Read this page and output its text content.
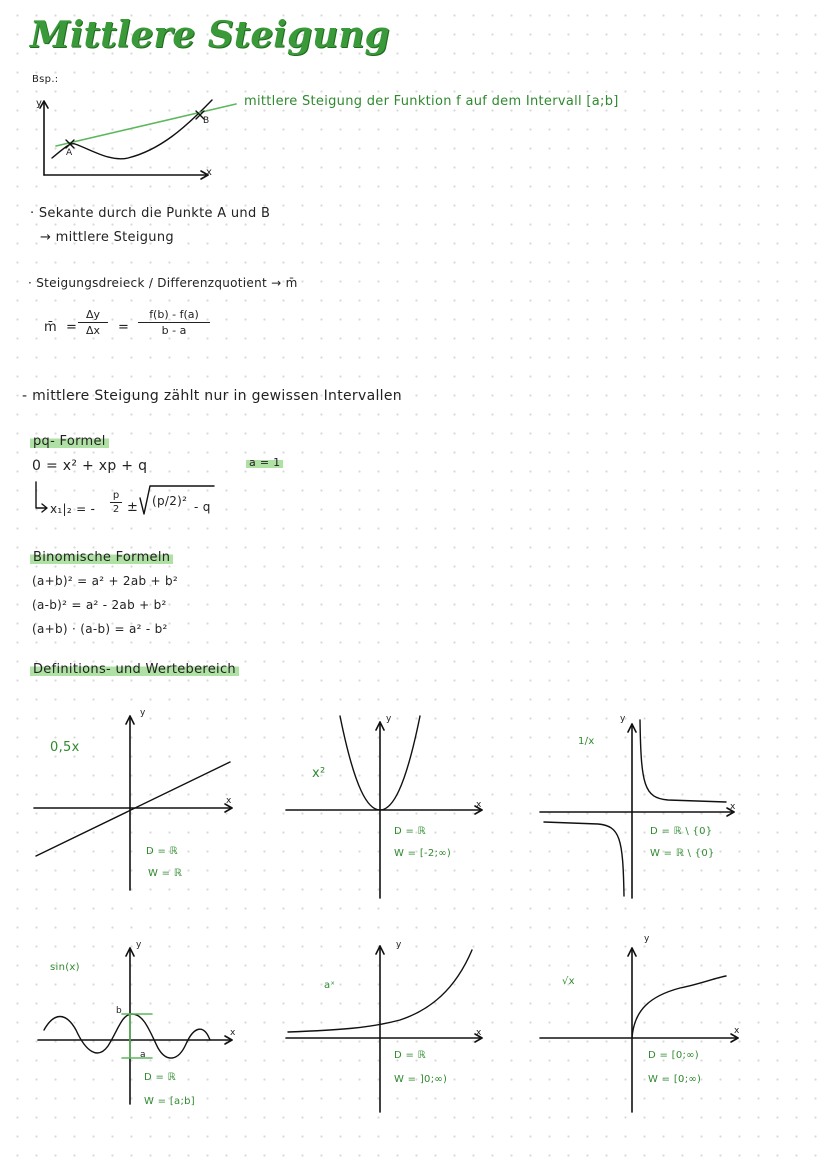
Mittlere Steigung
Bsp.:
y
x
A
B
mittlere Steigung der Funktion f auf dem Intervall [a;b]
· Sekante durch die Punkte A und B
→ mittlere Steigung
· Steigungsdreieck / Differenzquotient → m̄
m̄ =
Δy
Δx	=
f(b) - f(a)
b - a
- mittlere Steigung zählt nur in gewissen Intervallen
pq- Formel
0 = x² + xp + q	a = 1
x₁|₂ = -
p
2 ± (p/2)² - q
Binomische Formeln
(a+b)² = a² + 2ab + b²
(a-b)² = a² - 2ab + b²
(a+b) · (a-b) = a² - b²
Definitions- und Wertebereich
0,5x
y
x
D = ℝ
W = ℝ
x²
y
x
D = ℝ
W = [-2;∞)
1/x
y
x
D = ℝ \ {0}
W = ℝ \ {0}
sin(x)
y
x
b
a
D = ℝ
W = [a;b]
aˣ
y
x
D = ℝ
W = ]0;∞)
√x
y
x
D = [0;∞)
W = [0;∞)
